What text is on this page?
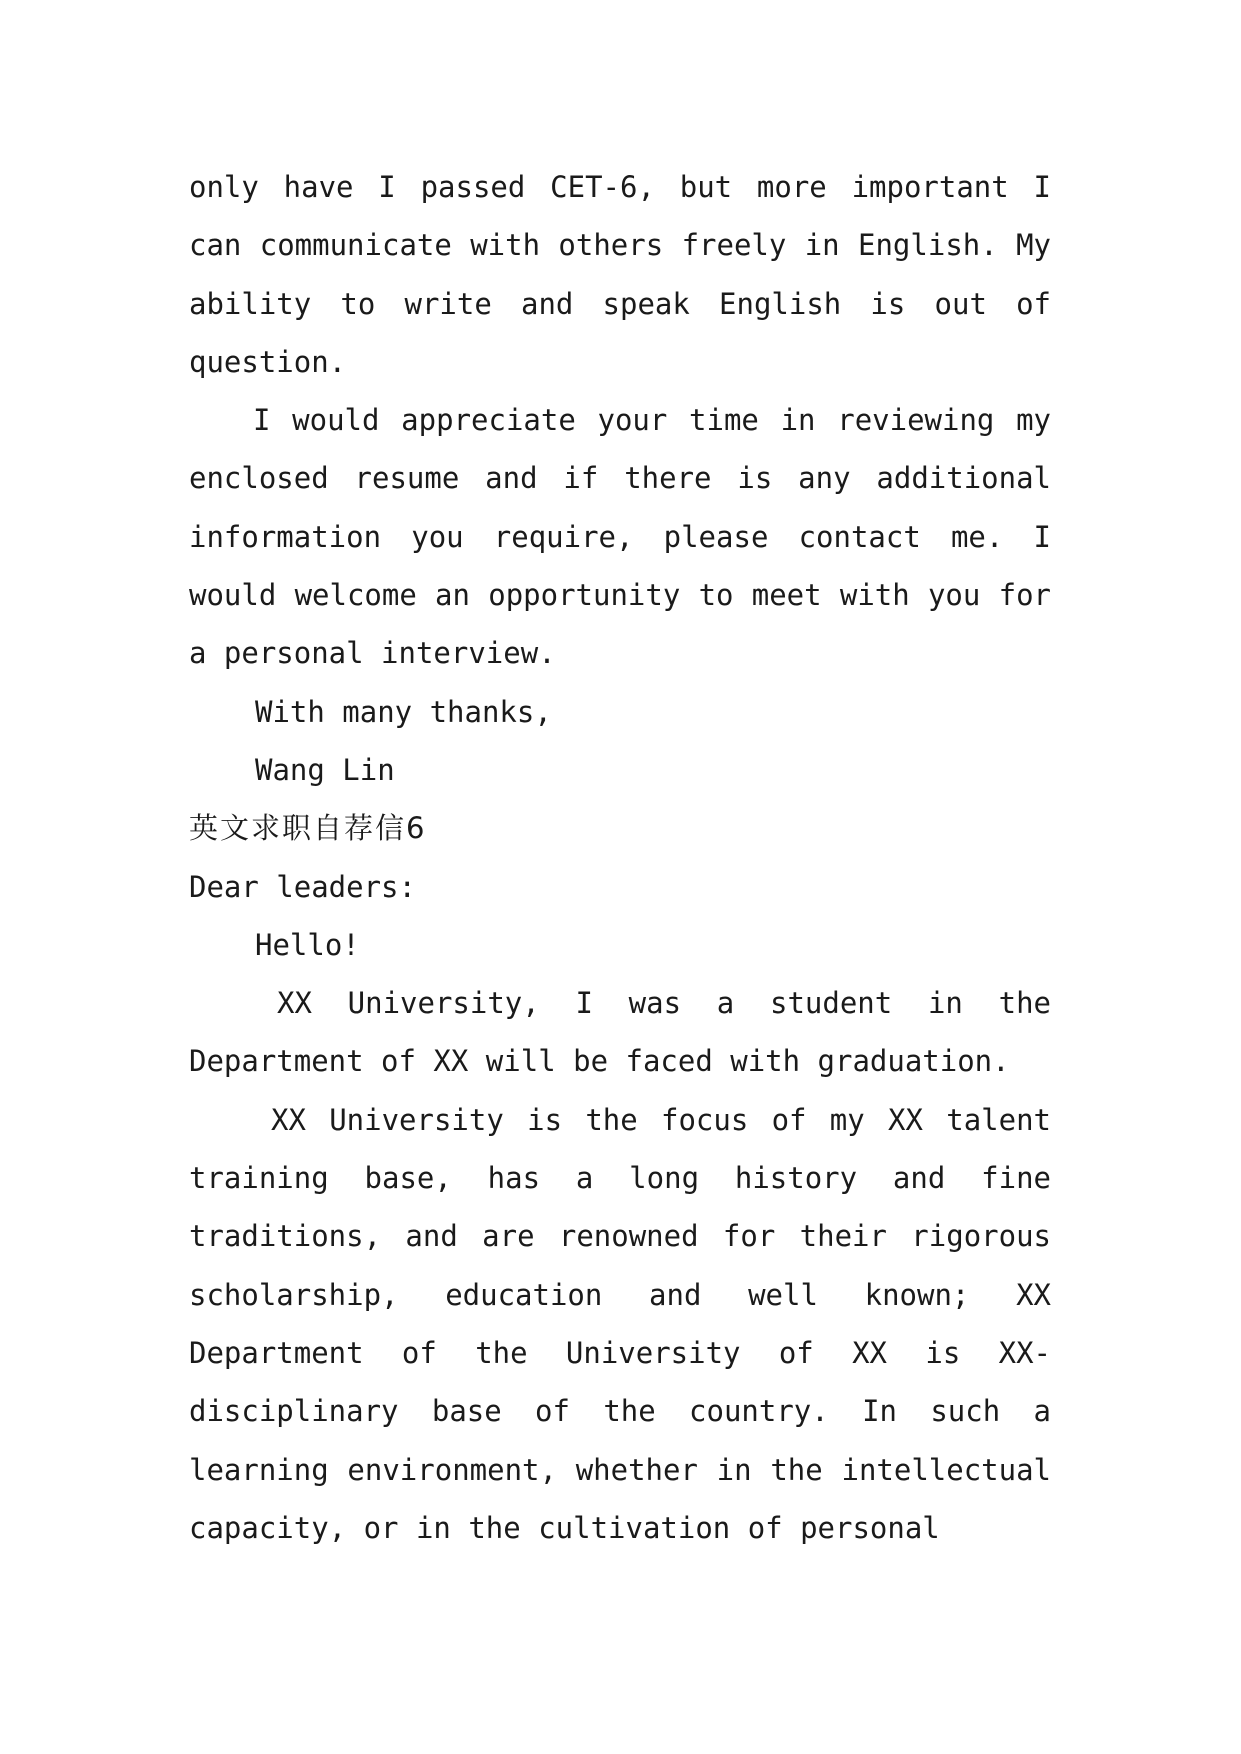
only have I passed CET-6, but more important I can communicate with others freely in English. My ability to write and speak English is out of question.

I would appreciate your time in reviewing my enclosed resume and if there is any additional information you require, please contact me. I would welcome an opportunity to meet with you for a personal interview.

With many thanks,

Wang Lin

英文求职自荐信6

Dear leaders:

Hello!

XX University, I was a student in the Department of XX will be faced with graduation.

XX University is the focus of my XX talent training base, has a long history and fine traditions, and are renowned for their rigorous scholarship, education and well known; XX Department of the University of XX is XX-disciplinary base of the country. In such a learning environment, whether in the intellectual capacity, or in the cultivation of personal
